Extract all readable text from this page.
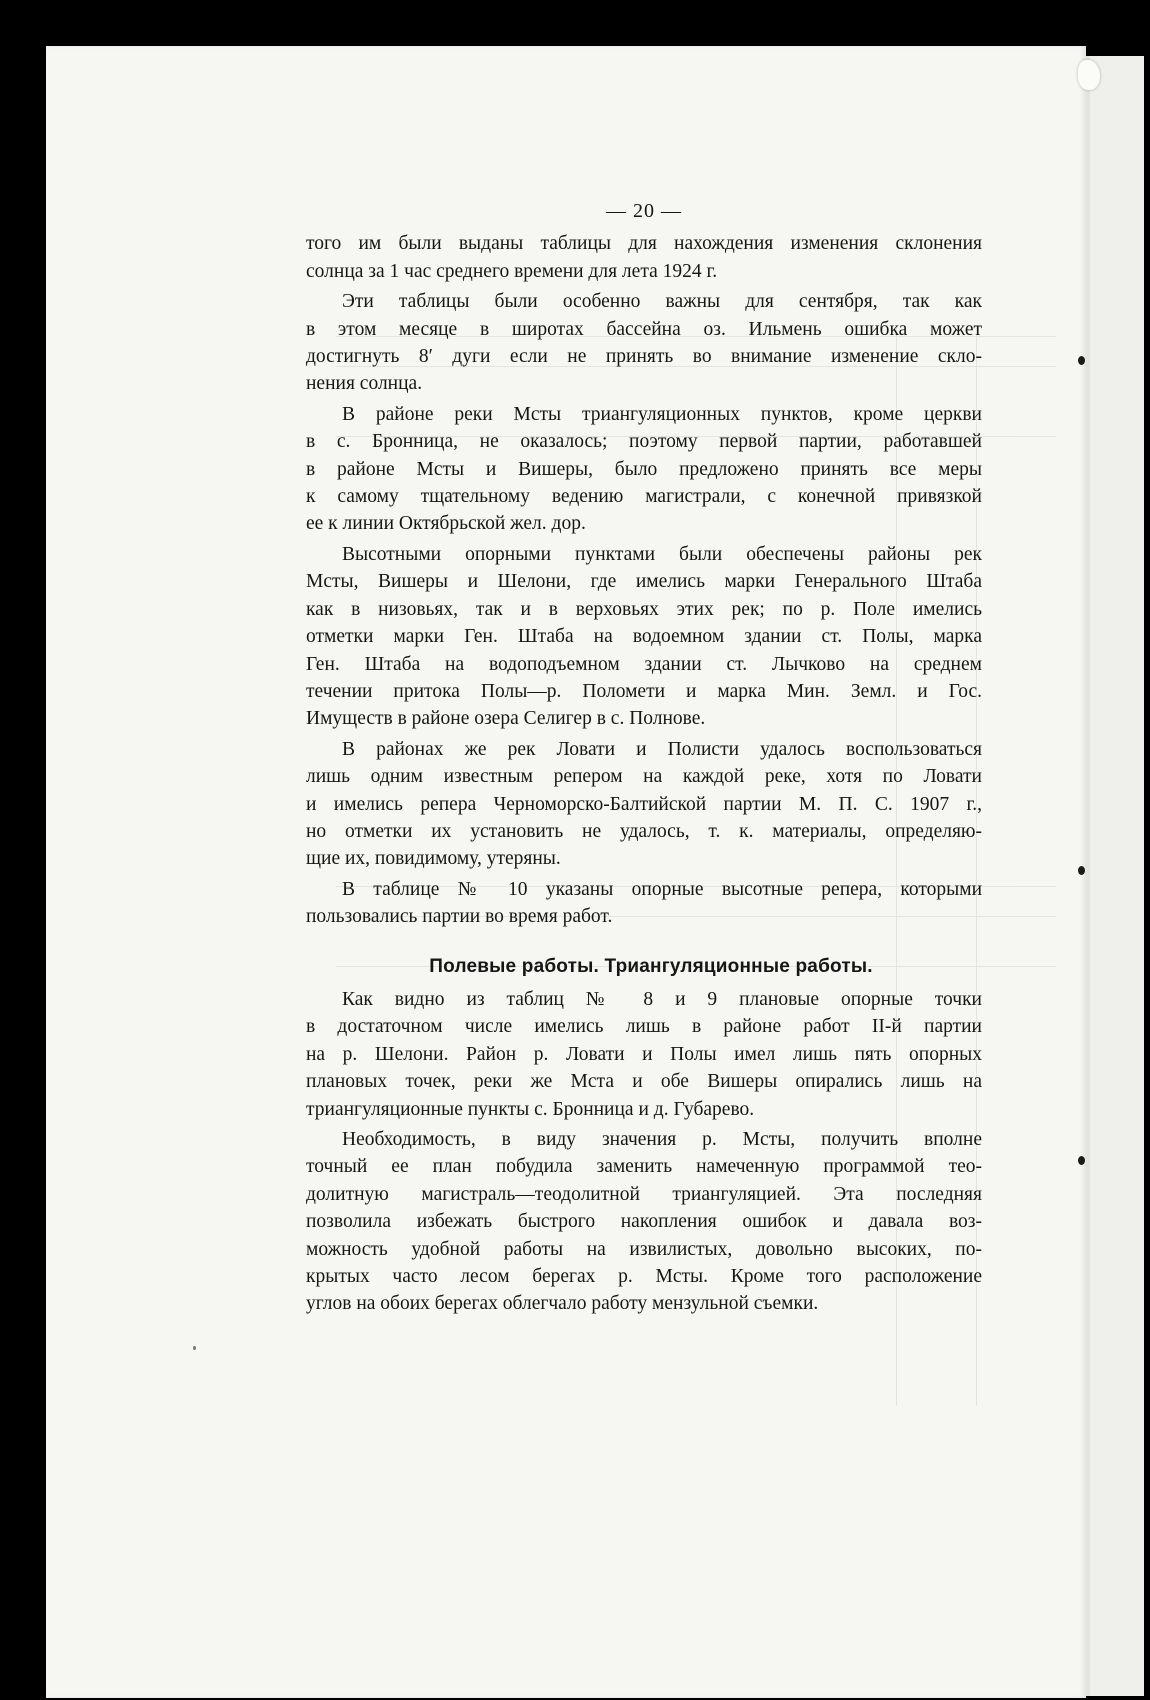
— 20 —
того им были выданы таблицы для нахождения изменения склонения
солнца за 1 час среднего времени для лета 1924 г.
Эти таблицы были особенно важны для сентября, так как
в этом месяце в широтах бассейна оз. Ильмень ошибка может
достигнуть 8′ дуги если не принять во внимание изменение скло-
нения солнца.
В районе реки Мсты триангуляционных пунктов, кроме церкви
в с. Бронница, не оказалось; поэтому первой партии, работавшей
в районе Мсты и Вишеры, было предложено принять все меры
к самому тщательному ведению магистрали, с конечной привязкой
ее к линии Октябрьской жел. дор.
Высотными опорными пунктами были обеспечены районы рек
Мсты, Вишеры и Шелони, где имелись марки Генерального Штаба
как в низовьях, так и в верховьях этих рек; по р. Поле имелись
отметки марки Ген. Штаба на водоемном здании ст. Полы, марка
Ген. Штаба на водоподъемном здании ст. Лычково на среднем
течении притока Полы—р. Поломети и марка Мин. Земл. и Гос.
Имуществ в районе озера Селигер в с. Полнове.
В районах же рек Ловати и Полисти удалось воспользоваться
лишь одним известным репером на каждой реке, хотя по Ловати
и имелись репера Черноморско-Балтийской партии М. П. С. 1907 г.,
но отметки их установить не удалось, т. к. материалы, определяю-
щие их, повидимому, утеряны.
В таблице № 10 указаны опорные высотные репера, которыми
пользовались партии во время работ.
Полевые работы. Триангуляционные работы.
Как видно из таблиц № 8 и 9 плановые опорные точки
в достаточном числе имелись лишь в районе работ II-й партии
на р. Шелони. Район р. Ловати и Полы имел лишь пять опорных
плановых точек, реки же Мста и обе Вишеры опирались лишь на
триангуляционные пункты с. Бронница и д. Губарево.
Необходимость, в виду значения р. Мсты, получить вполне
точный ее план побудила заменить намеченную программой тео-
долитную магистраль—теодолитной триангуляцией. Эта последняя
позволила избежать быстрого накопления ошибок и давала воз-
можность удобной работы на извилистых, довольно высоких, по-
крытых часто лесом берегах р. Мсты. Кроме того расположение
углов на обоих берегах облегчало работу мензульной съемки.
